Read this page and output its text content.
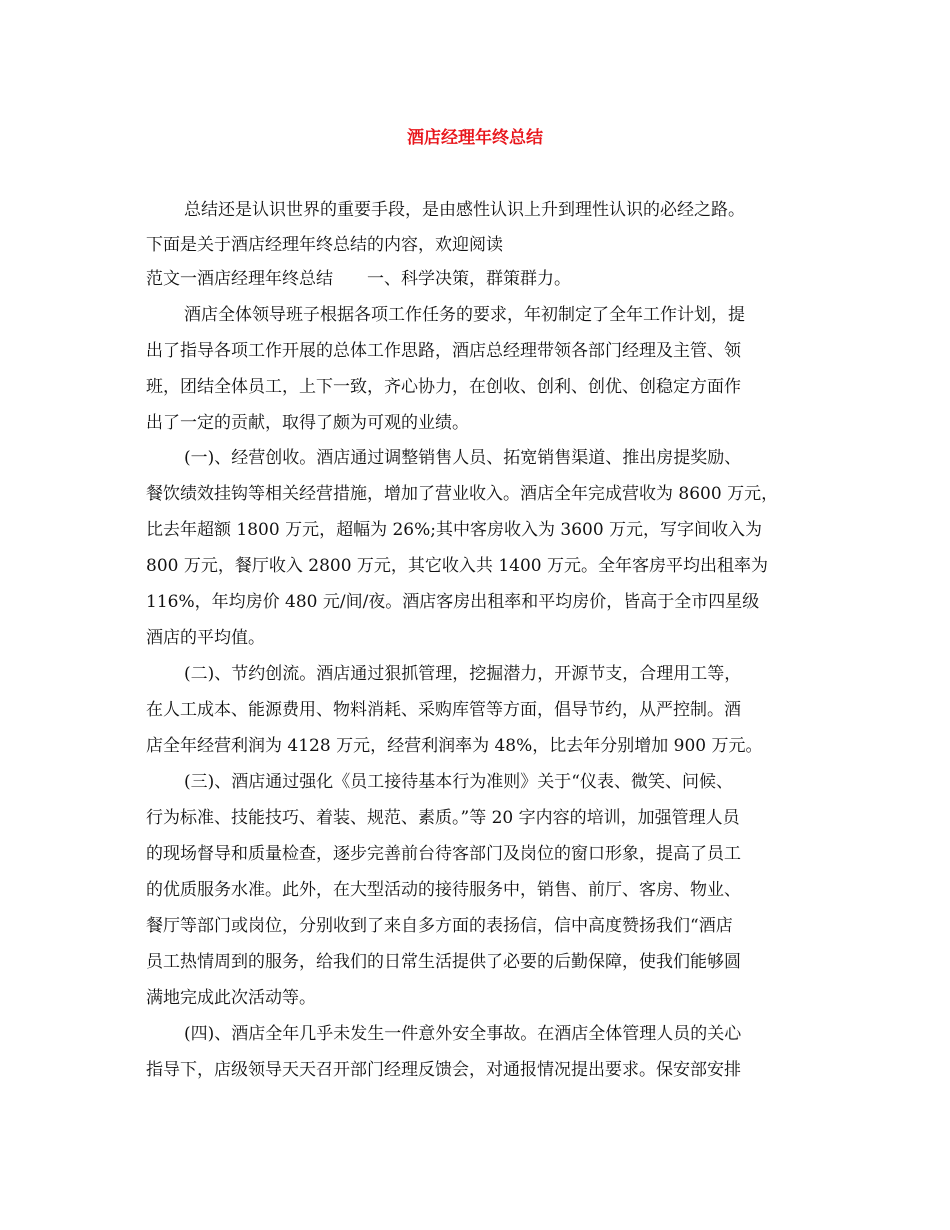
酒店经理年终总结
总结还是认识世界的重要手段，是由感性认识上升到理性认识的必经之路。
下面是关于酒店经理年终总结的内容，欢迎阅读
范文一酒店经理年终总结　　一、科学决策，群策群力。
酒店全体领导班子根据各项工作任务的要求，年初制定了全年工作计划，提
出了指导各项工作开展的总体工作思路，酒店总经理带领各部门经理及主管、领
班，团结全体员工，上下一致，齐心协力，在创收、创利、创优、创稳定方面作
出了一定的贡献，取得了颇为可观的业绩。
(一)、经营创收。酒店通过调整销售人员、拓宽销售渠道、推出房提奖励、
餐饮绩效挂钩等相关经营措施，增加了营业收入。酒店全年完成营收为 8600 万元，
比去年超额 1800 万元，超幅为 26%;其中客房收入为 3600 万元，写字间收入为
800 万元，餐厅收入 2800 万元，其它收入共 1400 万元。全年客房平均出租率为
116%，年均房价 480 元/间/夜。酒店客房出租率和平均房价，皆高于全市四星级
酒店的平均值。
(二)、节约创流。酒店通过狠抓管理，挖掘潜力，开源节支，合理用工等，
在人工成本、能源费用、物料消耗、采购库管等方面，倡导节约，从严控制。酒
店全年经营利润为 4128 万元，经营利润率为 48%，比去年分别增加 900 万元。
(三)、酒店通过强化《员工接待基本行为准则》关于“仪表、微笑、问候、
行为标准、技能技巧、着装、规范、素质。”等 20 字内容的培训，加强管理人员
的现场督导和质量检查，逐步完善前台待客部门及岗位的窗口形象，提高了员工
的优质服务水准。此外，在大型活动的接待服务中，销售、前厅、客房、物业、
餐厅等部门或岗位，分别收到了来自多方面的表扬信，信中高度赞扬我们“酒店
员工热情周到的服务，给我们的日常生活提供了必要的后勤保障，使我们能够圆
满地完成此次活动等。
(四)、酒店全年几乎未发生一件意外安全事故。在酒店全体管理人员的关心
指导下，店级领导天天召开部门经理反馈会，对通报情况提出要求。保安部安排
